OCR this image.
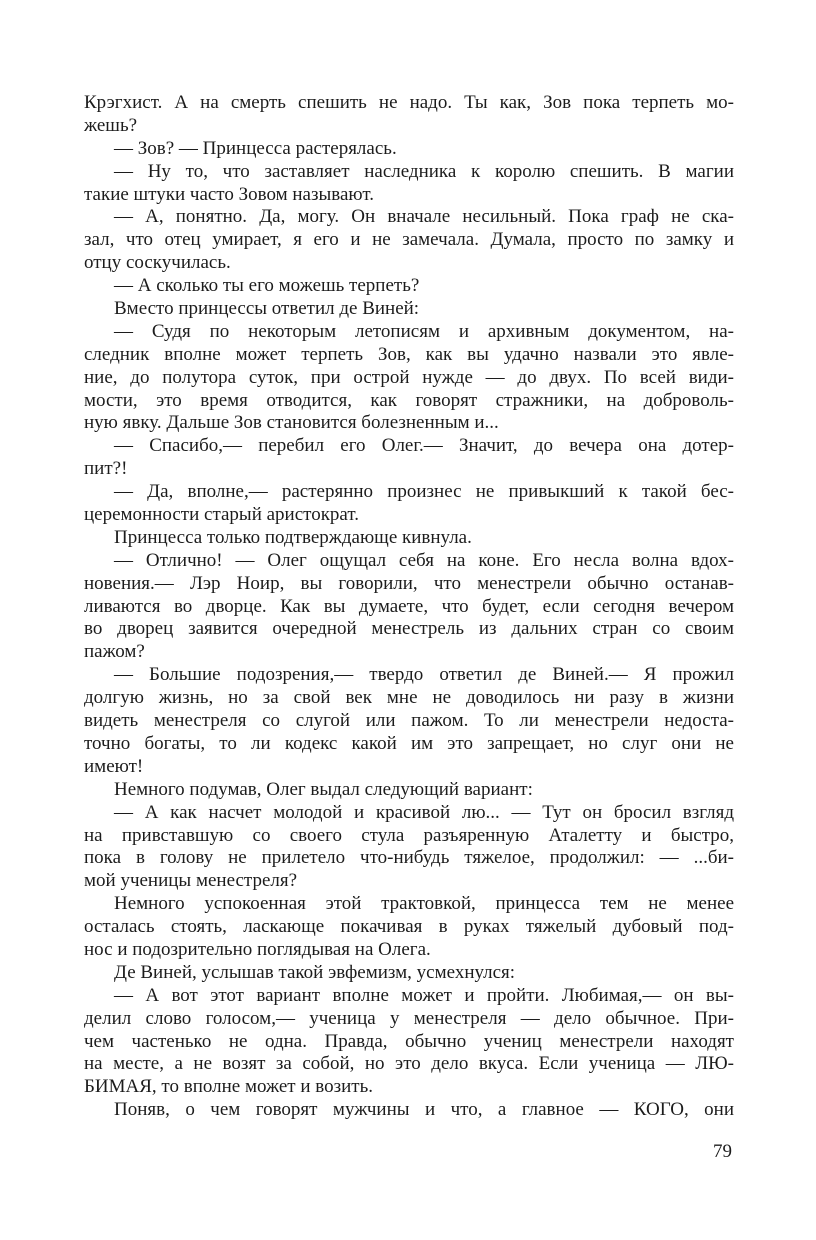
Крэгхист. А на смерть спешить не надо. Ты как, Зов пока терпеть мо-
жешь?
— Зов? — Принцесса растерялась.
— Ну то, что заставляет наследника к королю спешить. В магии
такие штуки часто Зовом называют.
— А, понятно. Да, могу. Он вначале несильный. Пока граф не ска-
зал, что отец умирает, я его и не замечала. Думала, просто по замку и
отцу соскучилась.
— А сколько ты его можешь терпеть?
Вместо принцессы ответил де Виней:
— Судя по некоторым летописям и архивным документом, на-
следник вполне может терпеть Зов, как вы удачно назвали это явле-
ние, до полутора суток, при острой нужде — до двух. По всей види-
мости, это время отводится, как говорят стражники, на доброволь-
ную явку. Дальше Зов становится болезненным и...
— Спасибо,— перебил его Олег.— Значит, до вечера она дотер-
пит?!
— Да, вполне,— растерянно произнес не привыкший к такой бес-
церемонности старый аристократ.
Принцесса только подтверждающе кивнула.
— Отлично! — Олег ощущал себя на коне. Его несла волна вдох-
новения.— Лэр Ноир, вы говорили, что менестрели обычно останав-
ливаются во дворце. Как вы думаете, что будет, если сегодня вечером
во дворец заявится очередной менестрель из дальних стран со своим
пажом?
— Большие подозрения,— твердо ответил де Виней.— Я прожил
долгую жизнь, но за свой век мне не доводилось ни разу в жизни
видеть менестреля со слугой или пажом. То ли менестрели недоста-
точно богаты, то ли кодекс какой им это запрещает, но слуг они не
имеют!
Немного подумав, Олег выдал следующий вариант:
— А как насчет молодой и красивой лю... — Тут он бросил взгляд
на привставшую со своего стула разъяренную Аталетту и быстро,
пока в голову не прилетело что-нибудь тяжелое, продолжил: — ...би-
мой ученицы менестреля?
Немного успокоенная этой трактовкой, принцесса тем не менее
осталась стоять, ласкающе покачивая в руках тяжелый дубовый под-
нос и подозрительно поглядывая на Олега.
Де Виней, услышав такой эвфемизм, усмехнулся:
— А вот этот вариант вполне может и пройти. Любимая,— он вы-
делил слово голосом,— ученица у менестреля — дело обычное. При-
чем частенько не одна. Правда, обычно учениц менестрели находят
на месте, а не возят за собой, но это дело вкуса. Если ученица — ЛЮ-
БИМАЯ, то вполне может и возить.
Поняв, о чем говорят мужчины и что, а главное — КОГО, они
79
